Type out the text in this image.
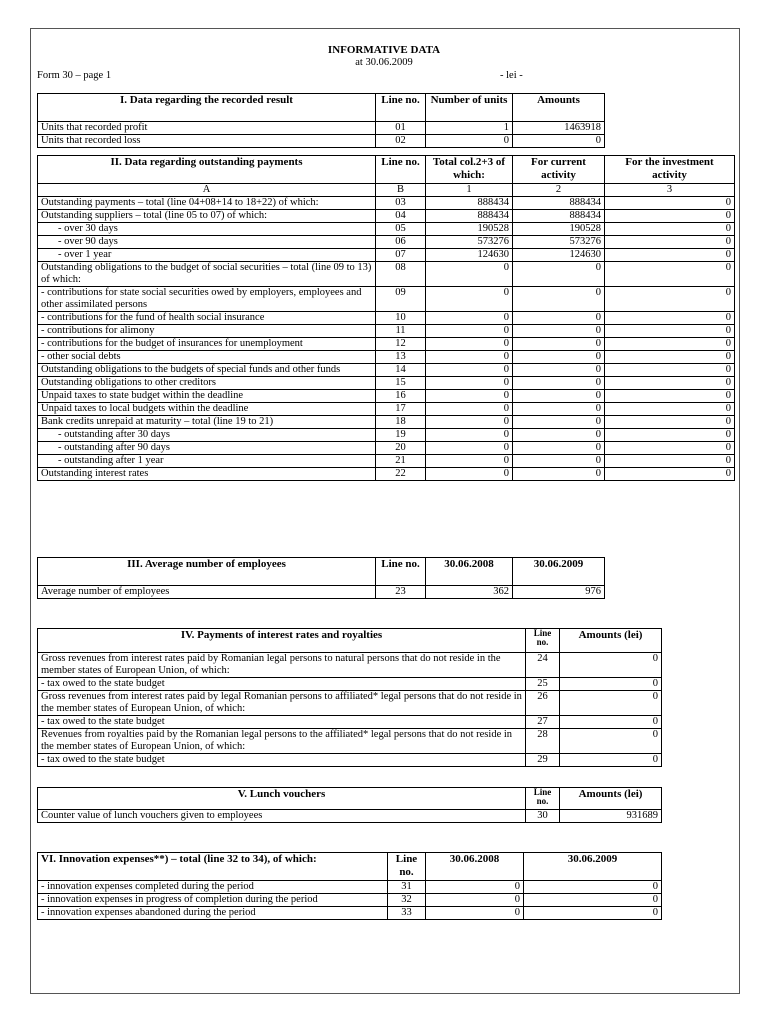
INFORMATIVE DATA
at 30.06.2009
Form 30 – page 1	- lei -
I. Data regarding the recorded result	Line no.	Number of units	Amounts
Units that recorded profit	01	1	1463918
Units that recorded loss	02	0	0
II. Data regarding outstanding payments	Line no.	Total col.2+3 of which:	For current activity	For the investment activity
A	B	1	2	3
Outstanding payments – total (line 04+08+14 to 18+22) of which:	03	888434	888434	0
Outstanding suppliers – total (line 05 to 07) of which:	04	888434	888434	0
- over 30 days	05	190528	190528	0
- over 90 days	06	573276	573276	0
- over 1 year	07	124630	124630	0
Outstanding obligations to the budget of social securities – total (line 09 to 13) of which:	08	0	0	0
- contributions for state social securities owed by employers, employees and other assimilated persons	09	0	0	0
- contributions for the fund of health social insurance	10	0	0	0
- contributions for alimony	11	0	0	0
- contributions for the budget of insurances for unemployment	12	0	0	0
- other social debts	13	0	0	0
Outstanding obligations to the budgets of special funds and other funds	14	0	0	0
Outstanding obligations to other creditors	15	0	0	0
Unpaid taxes to state budget within the deadline	16	0	0	0
Unpaid taxes to local budgets within the deadline	17	0	0	0
Bank credits unrepaid at maturity – total (line 19 to 21)	18	0	0	0
- outstanding after 30 days	19	0	0	0
- outstanding after 90 days	20	0	0	0
- outstanding after 1 year	21	0	0	0
Outstanding interest rates	22	0	0	0
III. Average number of employees	Line no.	30.06.2008	30.06.2009
Average number of employees	23	362	976
IV. Payments of interest rates and royalties	Line no.	Amounts (lei)
Gross revenues from interest rates paid by Romanian legal persons to natural persons that do not reside in the member states of European Union, of which:	24	0
- tax owed to the state budget	25	0
Gross revenues from interest rates paid by legal Romanian persons to affiliated* legal persons that do not reside in the member states of European Union, of which:	26	0
- tax owed to the state budget	27	0
Revenues from royalties paid by the Romanian legal persons to the affiliated* legal persons that do not reside in the member states of European Union, of which:	28	0
- tax owed to the state budget	29	0
V. Lunch vouchers	Line no.	Amounts (lei)
Counter value of lunch vouchers given to employees	30	931689
VI. Innovation expenses**) – total (line 32 to 34), of which:	Line no.	30.06.2008	30.06.2009
- innovation expenses completed during the period	31	0	0
- innovation expenses in progress of completion during the period	32	0	0
- innovation expenses abandoned during the period	33	0	0
